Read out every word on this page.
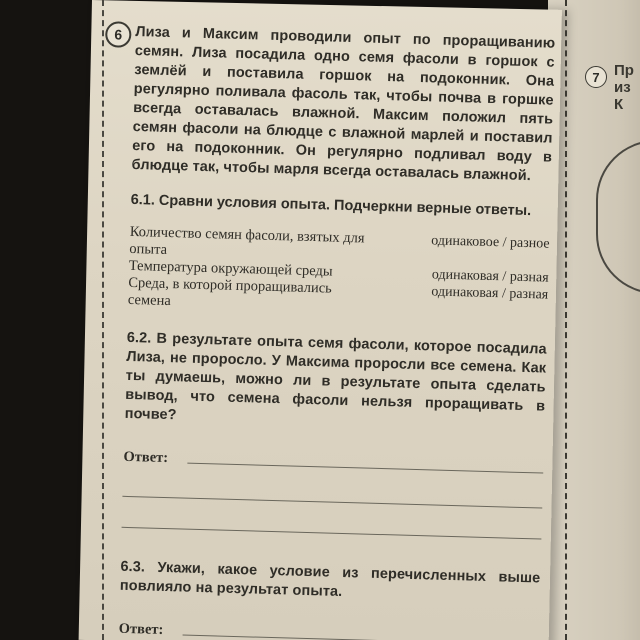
7 Пр
из
К
6 Лиза и Максим проводили опыт по проращиванию семян. Лиза посадила одно семя фасоли в горшок с землёй и поставила горшок на подоконник. Она регулярно поливала фасоль так, чтобы почва в горшке всегда оставалась влажной. Максим положил пять семян фасоли на блюдце с влажной марлей и поставил его на подоконник. Он регулярно подливал воду в блюдце так, чтобы марля всегда оставалась влажной.

6.1. Сравни условия опыта. Подчеркни верные ответы.

Количество семян фасоли, взятых для опыта	одинаковое / разное
Температура окружающей среды	одинаковая / разная
Среда, в которой проращивались семена	одинаковая / разная

6.2. В результате опыта семя фасоли, которое посадила Лиза, не проросло. У Максима проросли все семена. Как ты думаешь, можно ли в результате опыта сделать вывод, что семена фасоли нельзя проращивать в почве?

Ответ:

6.3. Укажи, какое условие из перечисленных выше повлияло на результат опыта.

Ответ:
